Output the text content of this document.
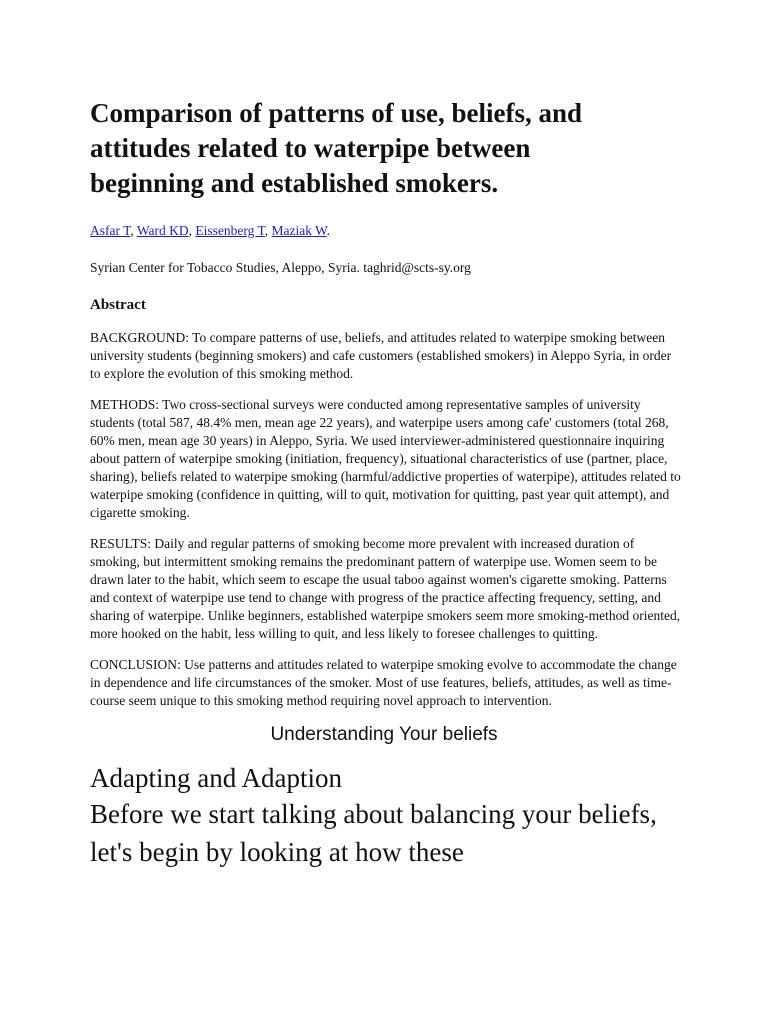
Comparison of patterns of use, beliefs, and attitudes related to waterpipe between beginning and established smokers.
Asfar T, Ward KD, Eissenberg T, Maziak W.
Syrian Center for Tobacco Studies, Aleppo, Syria. taghrid@scts-sy.org
Abstract
BACKGROUND: To compare patterns of use, beliefs, and attitudes related to waterpipe smoking between university students (beginning smokers) and cafe customers (established smokers) in Aleppo Syria, in order to explore the evolution of this smoking method.
METHODS: Two cross-sectional surveys were conducted among representative samples of university students (total 587, 48.4% men, mean age 22 years), and waterpipe users among cafe' customers (total 268, 60% men, mean age 30 years) in Aleppo, Syria. We used interviewer-administered questionnaire inquiring about pattern of waterpipe smoking (initiation, frequency), situational characteristics of use (partner, place, sharing), beliefs related to waterpipe smoking (harmful/addictive properties of waterpipe), attitudes related to waterpipe smoking (confidence in quitting, will to quit, motivation for quitting, past year quit attempt), and cigarette smoking.
RESULTS: Daily and regular patterns of smoking become more prevalent with increased duration of smoking, but intermittent smoking remains the predominant pattern of waterpipe use. Women seem to be drawn later to the habit, which seem to escape the usual taboo against women's cigarette smoking. Patterns and context of waterpipe use tend to change with progress of the practice affecting frequency, setting, and sharing of waterpipe. Unlike beginners, established waterpipe smokers seem more smoking-method oriented, more hooked on the habit, less willing to quit, and less likely to foresee challenges to quitting.
CONCLUSION: Use patterns and attitudes related to waterpipe smoking evolve to accommodate the change in dependence and life circumstances of the smoker. Most of use features, beliefs, attitudes, as well as time-course seem unique to this smoking method requiring novel approach to intervention.
Understanding Your beliefs
Adapting and Adaption
Before we start talking about balancing your beliefs, let's begin by looking at how these
